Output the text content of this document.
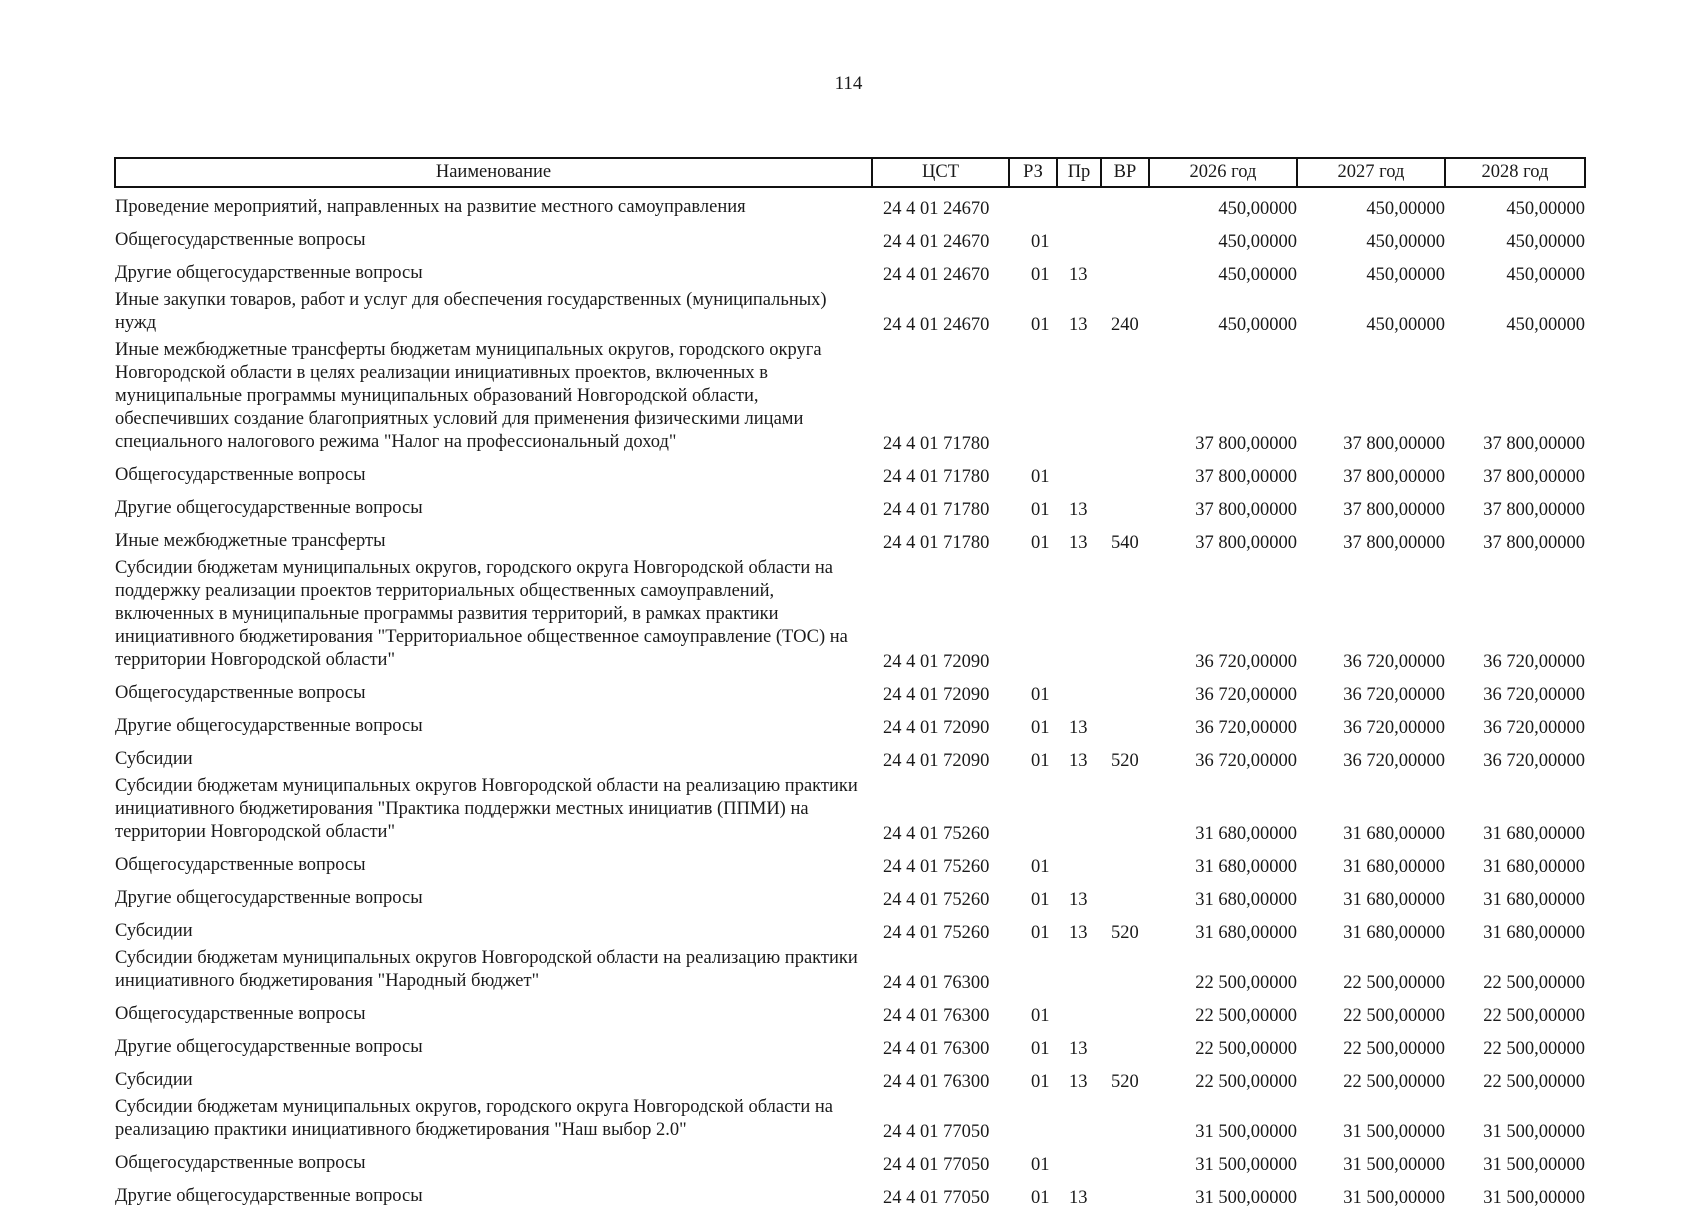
114
Наименование	ЦСТ	РЗ	Пр	ВР	2026 год	2027 год	2028 год
Проведение мероприятий, направленных на развитие местного самоуправления	24 4 01 24670				450,00000	450,00000	450,00000
Общегосударственные вопросы	24 4 01 24670	01			450,00000	450,00000	450,00000
Другие общегосударственные вопросы	24 4 01 24670	01	13		450,00000	450,00000	450,00000
Иные закупки товаров, работ и услуг для обеспечения государственных (муниципальных) нужд	24 4 01 24670	01	13	240	450,00000	450,00000	450,00000
Иные межбюджетные трансферты бюджетам муниципальных округов, городского округа Новгородской области в целях реализации инициативных проектов, включенных в муниципальные программы муниципальных образований Новгородской области, обеспечивших создание благоприятных условий для применения физическими лицами специального налогового режима "Налог на профессиональный доход"	24 4 01 71780				37 800,00000	37 800,00000	37 800,00000
Общегосударственные вопросы	24 4 01 71780	01			37 800,00000	37 800,00000	37 800,00000
Другие общегосударственные вопросы	24 4 01 71780	01	13		37 800,00000	37 800,00000	37 800,00000
Иные межбюджетные трансферты	24 4 01 71780	01	13	540	37 800,00000	37 800,00000	37 800,00000
Субсидии бюджетам муниципальных округов, городского округа Новгородской области на поддержку реализации проектов территориальных общественных самоуправлений, включенных в муниципальные программы развития территорий, в рамках практики инициативного бюджетирования "Территориальное общественное самоуправление (ТОС) на территории Новгородской области"	24 4 01 72090				36 720,00000	36 720,00000	36 720,00000
Общегосударственные вопросы	24 4 01 72090	01			36 720,00000	36 720,00000	36 720,00000
Другие общегосударственные вопросы	24 4 01 72090	01	13		36 720,00000	36 720,00000	36 720,00000
Субсидии	24 4 01 72090	01	13	520	36 720,00000	36 720,00000	36 720,00000
Субсидии бюджетам муниципальных округов Новгородской области на реализацию практики инициативного бюджетирования "Практика поддержки местных инициатив (ППМИ) на территории Новгородской области"	24 4 01 75260				31 680,00000	31 680,00000	31 680,00000
Общегосударственные вопросы	24 4 01 75260	01			31 680,00000	31 680,00000	31 680,00000
Другие общегосударственные вопросы	24 4 01 75260	01	13		31 680,00000	31 680,00000	31 680,00000
Субсидии	24 4 01 75260	01	13	520	31 680,00000	31 680,00000	31 680,00000
Субсидии бюджетам муниципальных округов Новгородской области на реализацию практики инициативного бюджетирования "Народный бюджет"	24 4 01 76300				22 500,00000	22 500,00000	22 500,00000
Общегосударственные вопросы	24 4 01 76300	01			22 500,00000	22 500,00000	22 500,00000
Другие общегосударственные вопросы	24 4 01 76300	01	13		22 500,00000	22 500,00000	22 500,00000
Субсидии	24 4 01 76300	01	13	520	22 500,00000	22 500,00000	22 500,00000
Субсидии бюджетам муниципальных округов, городского округа Новгородской области на реализацию практики инициативного бюджетирования "Наш выбор 2.0"	24 4 01 77050				31 500,00000	31 500,00000	31 500,00000
Общегосударственные вопросы	24 4 01 77050	01			31 500,00000	31 500,00000	31 500,00000
Другие общегосударственные вопросы	24 4 01 77050	01	13		31 500,00000	31 500,00000	31 500,00000
